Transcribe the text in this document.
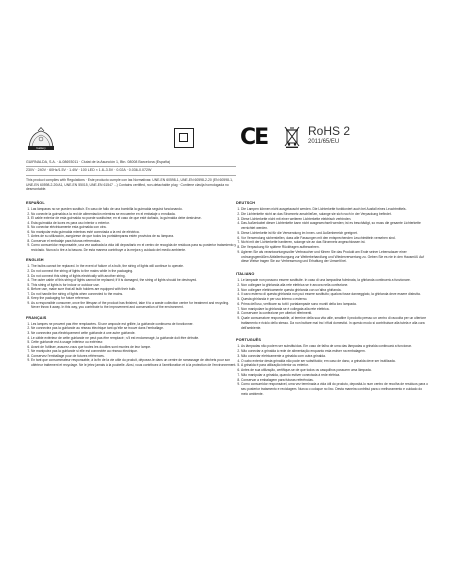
Gallery	CE	RoHS 2
2011/65/EU
GUIRNALDA, S.A. · A-08693011 · Ciutat de la Asunción 1, Btn. 08008 Barcelona (España)
230V · 240V · 60Hz/1.5V · 1.4W · 100 LED × 1.8–3.5V · 0.02A · 0.036-0.072W
This product complies with Regulations · Este producto cumple con las Normativas: UNE-EN 60598-1, UNE-EN 60598-2-20 (EN 60598-1, UNE-EN 60598-2-20/A1, UNE-EN 55015, UNE-EN 61547 ...) Contains certified, non-detachable plug · Contiene clavija homologada no desmontable.
ESPAÑOL
1. Las lámparas no se pueden sustituir. En caso de fallo de una bombilla la guirnalda seguirá funcionando.
2. No conecte la guirnalda a la red de alimentación mientras se encuentre en el embalaje o enrollada.
3. El cable exterior de esta guirnalda no puede sustituirse; en el caso de que esté dañado, la guirnalda debe destruirse.
4. Esta guirnalda de luces es para uso interior o exterior.
5. No conectar eléctricamente esta guirnalda con otra.
6. No manipular esta guirnalda mientras esté conectada a la red de eléctrica.
7. Antes de su utilización, asegúrese de que todos los portalámparas estén provistos de su lámpara.
8. Conservar el embalaje para futuras referencias.
9. Como consumidor responsable, una vez acabada la vida útil depositarlo en el centro de recogida de residuos para su posterior tratamiento y reciclado. Nunca lo tire a la basura. De esta manera contribuye a la mejora y cuidado del medio ambiente.
ENGLISH
1. The bulbs cannot be replaced. In the event of failure of a bulb, the string of lights will continue to operate.
2. Do not connect the string of lights to the mains while in the packaging.
3. Do not connect this string of lights electrically with another string.
4. The outer cable of this string of lights cannot be replaced; if it is damaged, the string of lights should be destroyed.
5. This string of lights is for indoor or outdoor use.
6. Before use, make sure that all bulb holders are equipped with their bulb.
7. Do not handle the string of lights when connected to the mains.
8. Keep the packaging for future reference.
9. As a responsible consumer, once the lifespan of the product has finished, take it to a waste collection centre for treatment and recycling. Never throw it away. In this way, you contribute to the improvement and conservation of the environment.
FRANÇAIS
1. Les lampes ne peuvent pas être remplacées. Si une ampoule est grillée, la guirlande continuera de fonctionner.
2. Ne connectez pas la guirlande au réseau électrique tant qu'elle se trouve dans l'emballage.
3. Ne connectez pas électriquement cette guirlande à une autre guirlande.
4. Le câble extérieur de cette guirlande ne peut pas être remplacé ; s'il est endommagé, la guirlande doit être détruite.
5. Cette guirlande est à usage intérieur ou extérieur.
6. Avant de l'utiliser, assurez-vous que toutes les douilles sont munies de leur lampe.
7. Ne manipulez pas la guirlande si elle est connectée au réseau électrique.
8. Conservez l'emballage pour de futures références.
9. En tant que consommateur responsable, à la fin de la vie utile du produit, déposez-le dans un centre de ramassage de déchets pour son ultérieur traitement et recyclage. Ne le jetez jamais à la poubelle. Ainsi, vous contribuez à l'amélioration et à la protection de l'environnement.
DEUTSCH
1. Die Lampen können nicht ausgetauscht werden. Die Lichterkette funktioniert auch bei Ausfall eines Leuchtmittels.
2. Die Lichterkette nicht an das Stromnetz anschließen, solange sie sich noch in der Verpackung befindet.
3. Diese Lichterkette nicht mit einer weiteren Lichterkette elektrisch verbinden.
4. Das Außenkabel dieser Lichterkette kann nicht ausgewechselt werden; ist es beschädigt, so muss die gesamte Lichterkette vernichtet werden.
5. Diese Lichterkette ist für die Verwendung im Innen- und Außenbereich geeignet.
6. Vor Verwendung sicherstellen, dass alle Fassungen mit den entsprechenden Leuchtmitteln versehen sind.
7. Nicht mit der Lichterkette hantieren, solange sie an das Stromnetz angeschlossen ist.
8. Die Verpackung für spätere Rückfragen aufbewahren.
9. Agieren Sie als verantwortungsvoller Verbraucher und führen Sie das Produkt am Ende seiner Lebensdauer einer ordnungsgemäßen Abfallentsorgung zur Weiterbehandlung und Wiederverwertung zu. Geben Sie es nie in den Hausmüll. Auf diese Weise tragen Sie zur Verbesserung und Erhaltung der Umwelt bei.
ITALIANO
1. Le lampade non possono essere sostituite. In caso di una lampadina fulminata, la ghirlanda continuerà a funzionare.
2. Non collegare la ghirlanda alla rete elettrica se è ancora nella confezione.
3. Non collegare elettricamente questa ghirlanda con un'altra ghirlanda.
4. Il cavo esterno di questa ghirlanda non può essere sostituito; qualora fosse danneggiato, la ghirlanda deve essere distrutta.
5. Questa ghirlanda è per uso interno o esterno.
6. Prima dell'uso, verificare su tutti i portalampade sono muniti della loro lampada.
7. Non manipolare la ghirlanda se è collegata alla rete elettrica.
8. Conservare la confezione per ulteriori riferimenti.
9. Quale consumatore responsabile, al termine della sua vita utile, smaltire il prodotto presso un centro di raccolta per un ulteriore trattamento e riciclo dello stesso. Da non buttare mai tra i rifiuti domestici. In questo modo si contribuisce alla tutela e alla cura dell'ambiente.
PORTUGUÊS
1. As lâmpadas não podem ser substituídas. Em caso de falha de uma das lâmpadas a grinalda continuará a funcionar.
2. Não conectar a grinalda à rede de alimentação enquanto esta estiver na embalagem.
3. Não conectar eletricamente a grinalda com outra grinalda.
4. O cabo exterior desta grinalda não pode ser substituído; em caso de dano, a grinalda deve ser inutilizada.
5. A grinalda é para utilização interior ou exterior.
6. Antes de sua utilização, certifique-se de que todos os casquilhos possuem uma lâmpada.
7. Não manipular a grinalda, quando estiver conectada à rede elétrica.
8. Conservar a embalagem para futuras referências.
9. Como consumidor responsável, uma vez terminada a vida útil do produto, depositá-lo num centro de recolha de resíduos para o seu posterior tratamento e reciclagem. Nunca o coloque no lixo. Desta maneira contribui para o melhoramento e cuidado do meio ambiente.
